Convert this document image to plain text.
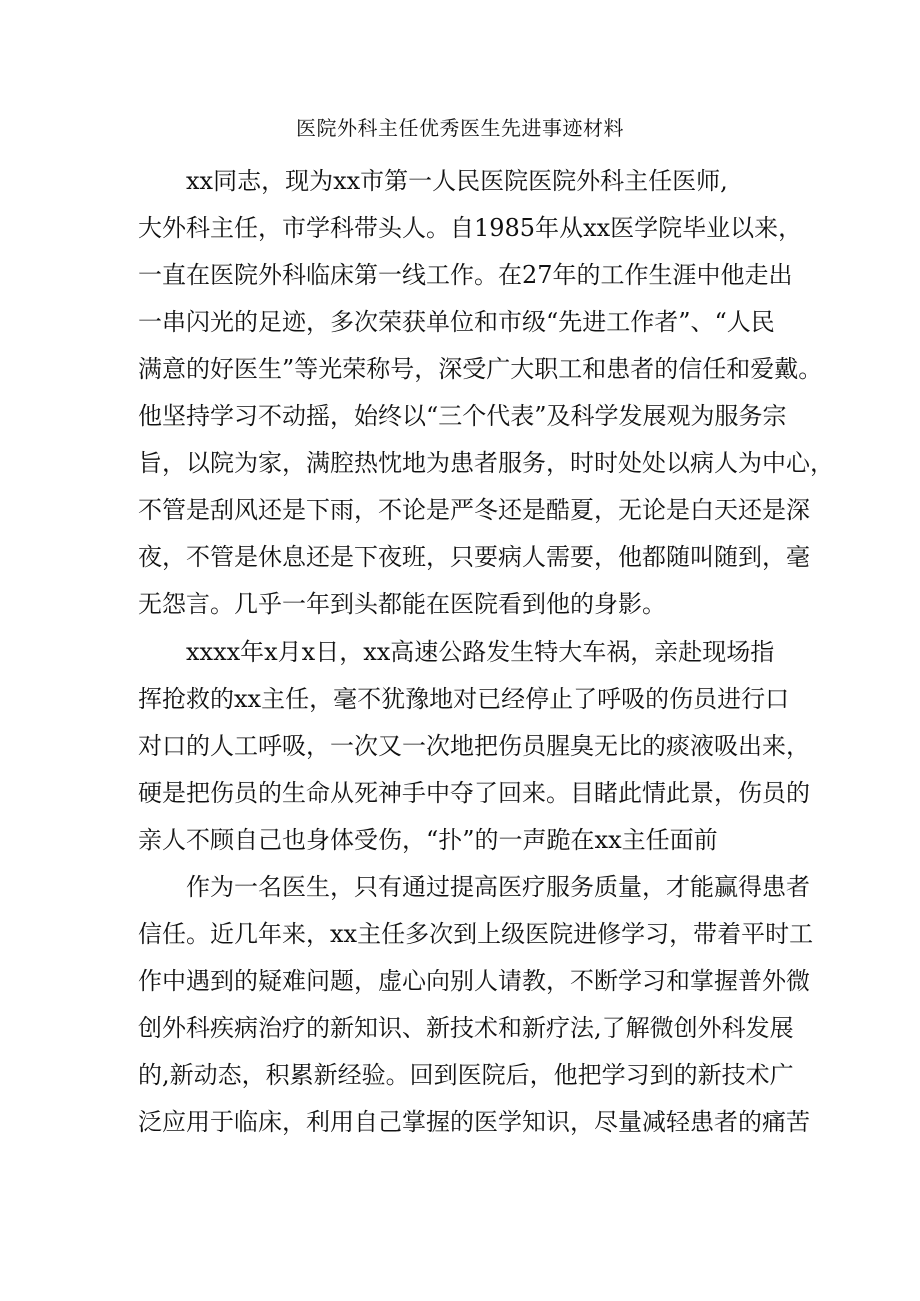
医院外科主任优秀医生先进事迹材料
xx同志，现为xx市第一人民医院医院外科主任医师,
大外科主任，市学科带头人。自1985年从xx医学院毕业以来，
一直在医院外科临床第一线工作。在27年的工作生涯中他走出
一串闪光的足迹，多次荣获单位和市级“先进工作者”、“人民
满意的好医生”等光荣称号，深受广大职工和患者的信任和爱戴。
他坚持学习不动摇，始终以“三个代表”及科学发展观为服务宗
旨，以院为家，满腔热忱地为患者服务，时时处处以病人为中心，
不管是刮风还是下雨，不论是严冬还是酷夏，无论是白天还是深
夜，不管是休息还是下夜班，只要病人需要，他都随叫随到，毫
无怨言。几乎一年到头都能在医院看到他的身影。
xxxx年x月x日，xx高速公路发生特大车祸，亲赴现场指
挥抢救的xx主任，毫不犹豫地对已经停止了呼吸的伤员进行口
对口的人工呼吸，一次又一次地把伤员腥臭无比的痰液吸出来，
硬是把伤员的生命从死神手中夺了回来。目睹此情此景，伤员的
亲人不顾自己也身体受伤，“扑”的一声跪在xx主任面前
作为一名医生，只有通过提高医疗服务质量，才能赢得患者
信任。近几年来，xx主任多次到上级医院进修学习，带着平时工
作中遇到的疑难问题，虚心向别人请教，不断学习和掌握普外微
创外科疾病治疗的新知识、新技术和新疗法,了解微创外科发展
的,新动态，积累新经验。回到医院后，他把学习到的新技术广
泛应用于临床，利用自己掌握的医学知识，尽量减轻患者的痛苦
